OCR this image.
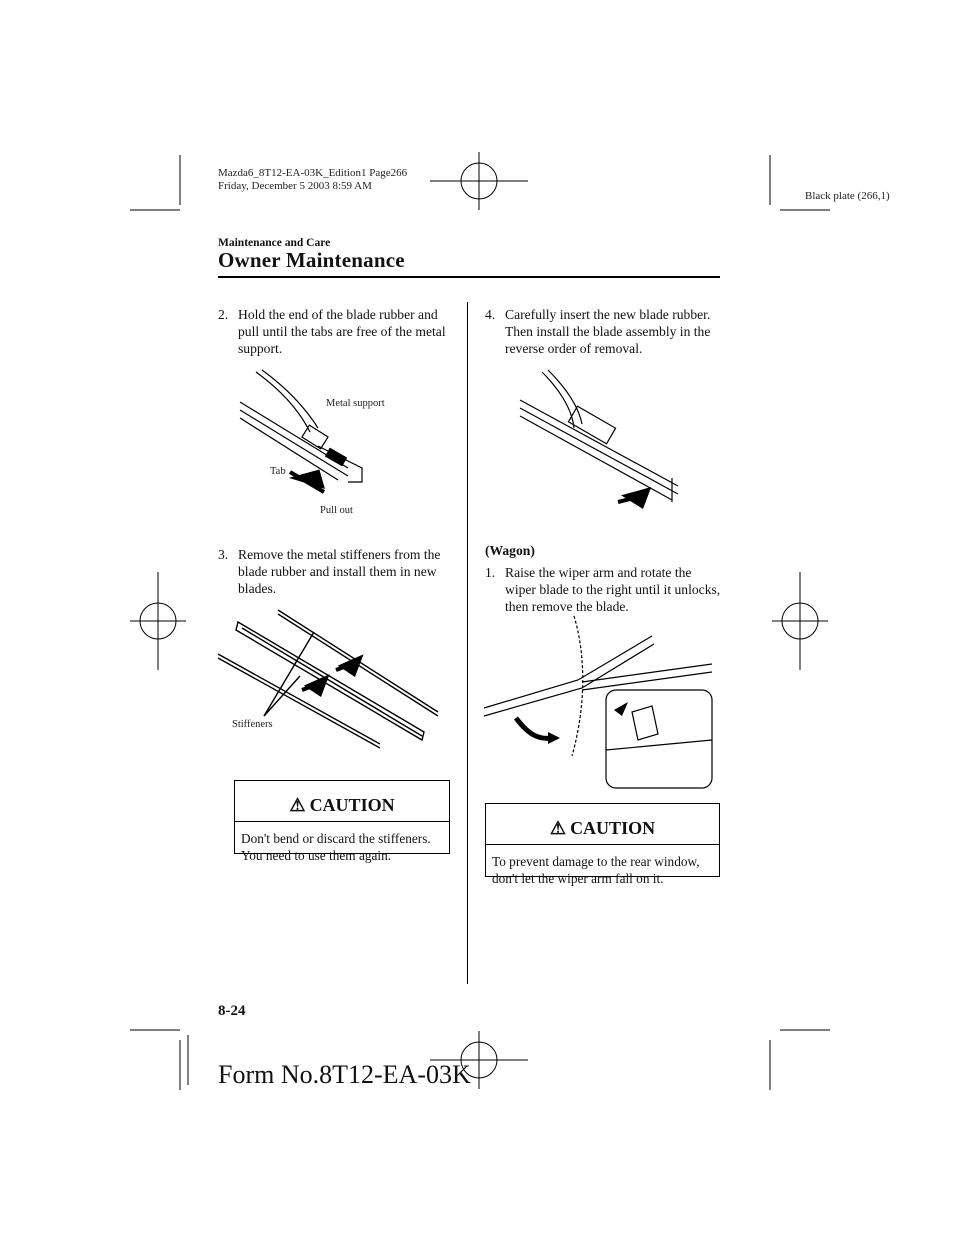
Mazda6_8T12-EA-03K_Edition1 Page266
Friday, December 5 2003 8:59 AM
Black plate (266,1)
Maintenance and Care
Owner Maintenance
2. Hold the end of the blade rubber and pull until the tabs are free of the metal support.
Metal support
Tab
Pull out
3. Remove the metal stiffeners from the blade rubber and install them in new blades.
Stiffeners
⚠ CAUTION
Don't bend or discard the stiffeners. You need to use them again.
4. Carefully insert the new blade rubber. Then install the blade assembly in the reverse order of removal.
(Wagon)
1. Raise the wiper arm and rotate the wiper blade to the right until it unlocks, then remove the blade.
⚠ CAUTION
To prevent damage to the rear window, don't let the wiper arm fall on it.
8-24
Form No.8T12-EA-03K
